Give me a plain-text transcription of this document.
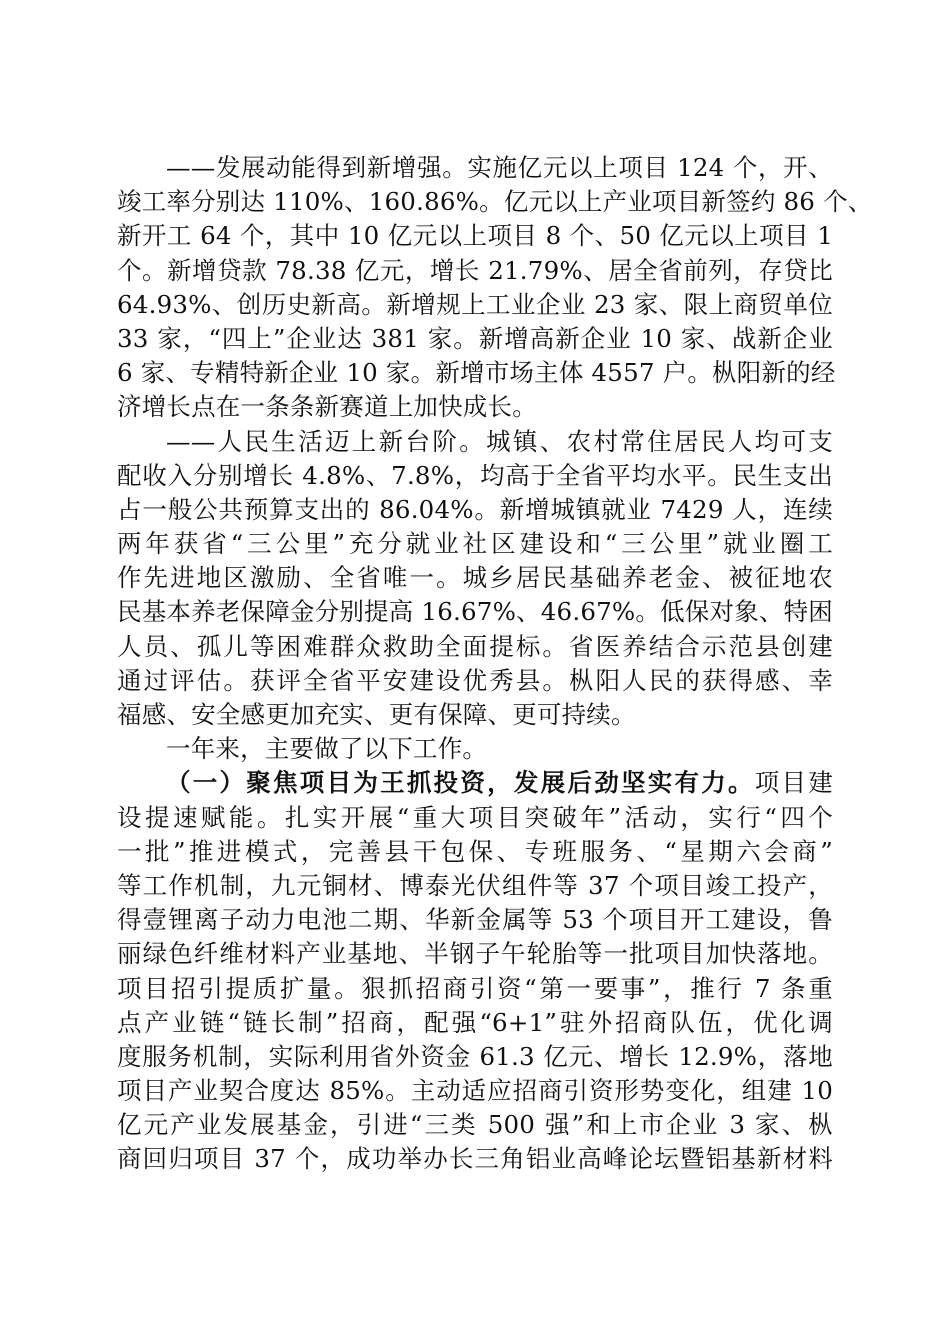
——发展动能得到新增强。实施亿元以上项目 124 个，开、
竣工率分别达 110%、160.86%。亿元以上产业项目新签约 86 个、
新开工 64 个，其中 10 亿元以上项目 8 个、50 亿元以上项目 1
个。新增贷款 78.38 亿元，增长 21.79%、居全省前列，存贷比
64.93%、创历史新高。新增规上工业企业 23 家、限上商贸单位
33 家，“四上”企业达 381 家。新增高新企业 10 家、战新企业
6 家、专精特新企业 10 家。新增市场主体 4557 户。枞阳新的经
济增长点在一条条新赛道上加快成长。
——人民生活迈上新台阶。城镇、农村常住居民人均可支
配收入分别增长 4.8%、7.8%，均高于全省平均水平。民生支出
占一般公共预算支出的 86.04%。新增城镇就业 7429 人，连续
两年获省“三公里”充分就业社区建设和“三公里”就业圈工
作先进地区激励、全省唯一。城乡居民基础养老金、被征地农
民基本养老保障金分别提高 16.67%、46.67%。低保对象、特困
人员、孤儿等困难群众救助全面提标。省医养结合示范县创建
通过评估。获评全省平安建设优秀县。枞阳人民的获得感、幸
福感、安全感更加充实、更有保障、更可持续。
一年来，主要做了以下工作。
（一）聚焦项目为王抓投资，发展后劲坚实有力。项目建
设提速赋能。扎实开展“重大项目突破年”活动，实行“四个
一批”推进模式，完善县干包保、专班服务、“星期六会商”
等工作机制，九元铜材、博泰光伏组件等 37 个项目竣工投产，
得壹锂离子动力电池二期、华新金属等 53 个项目开工建设，鲁
丽绿色纤维材料产业基地、半钢子午轮胎等一批项目加快落地。
项目招引提质扩量。狠抓招商引资“第一要事”，推行 7 条重
点产业链“链长制”招商，配强“6+1”驻外招商队伍，优化调
度服务机制，实际利用省外资金 61.3 亿元、增长 12.9%，落地
项目产业契合度达 85%。主动适应招商引资形势变化，组建 10
亿元产业发展基金，引进“三类 500 强”和上市企业 3 家、枞
商回归项目 37 个，成功举办长三角铝业高峰论坛暨铝基新材料
